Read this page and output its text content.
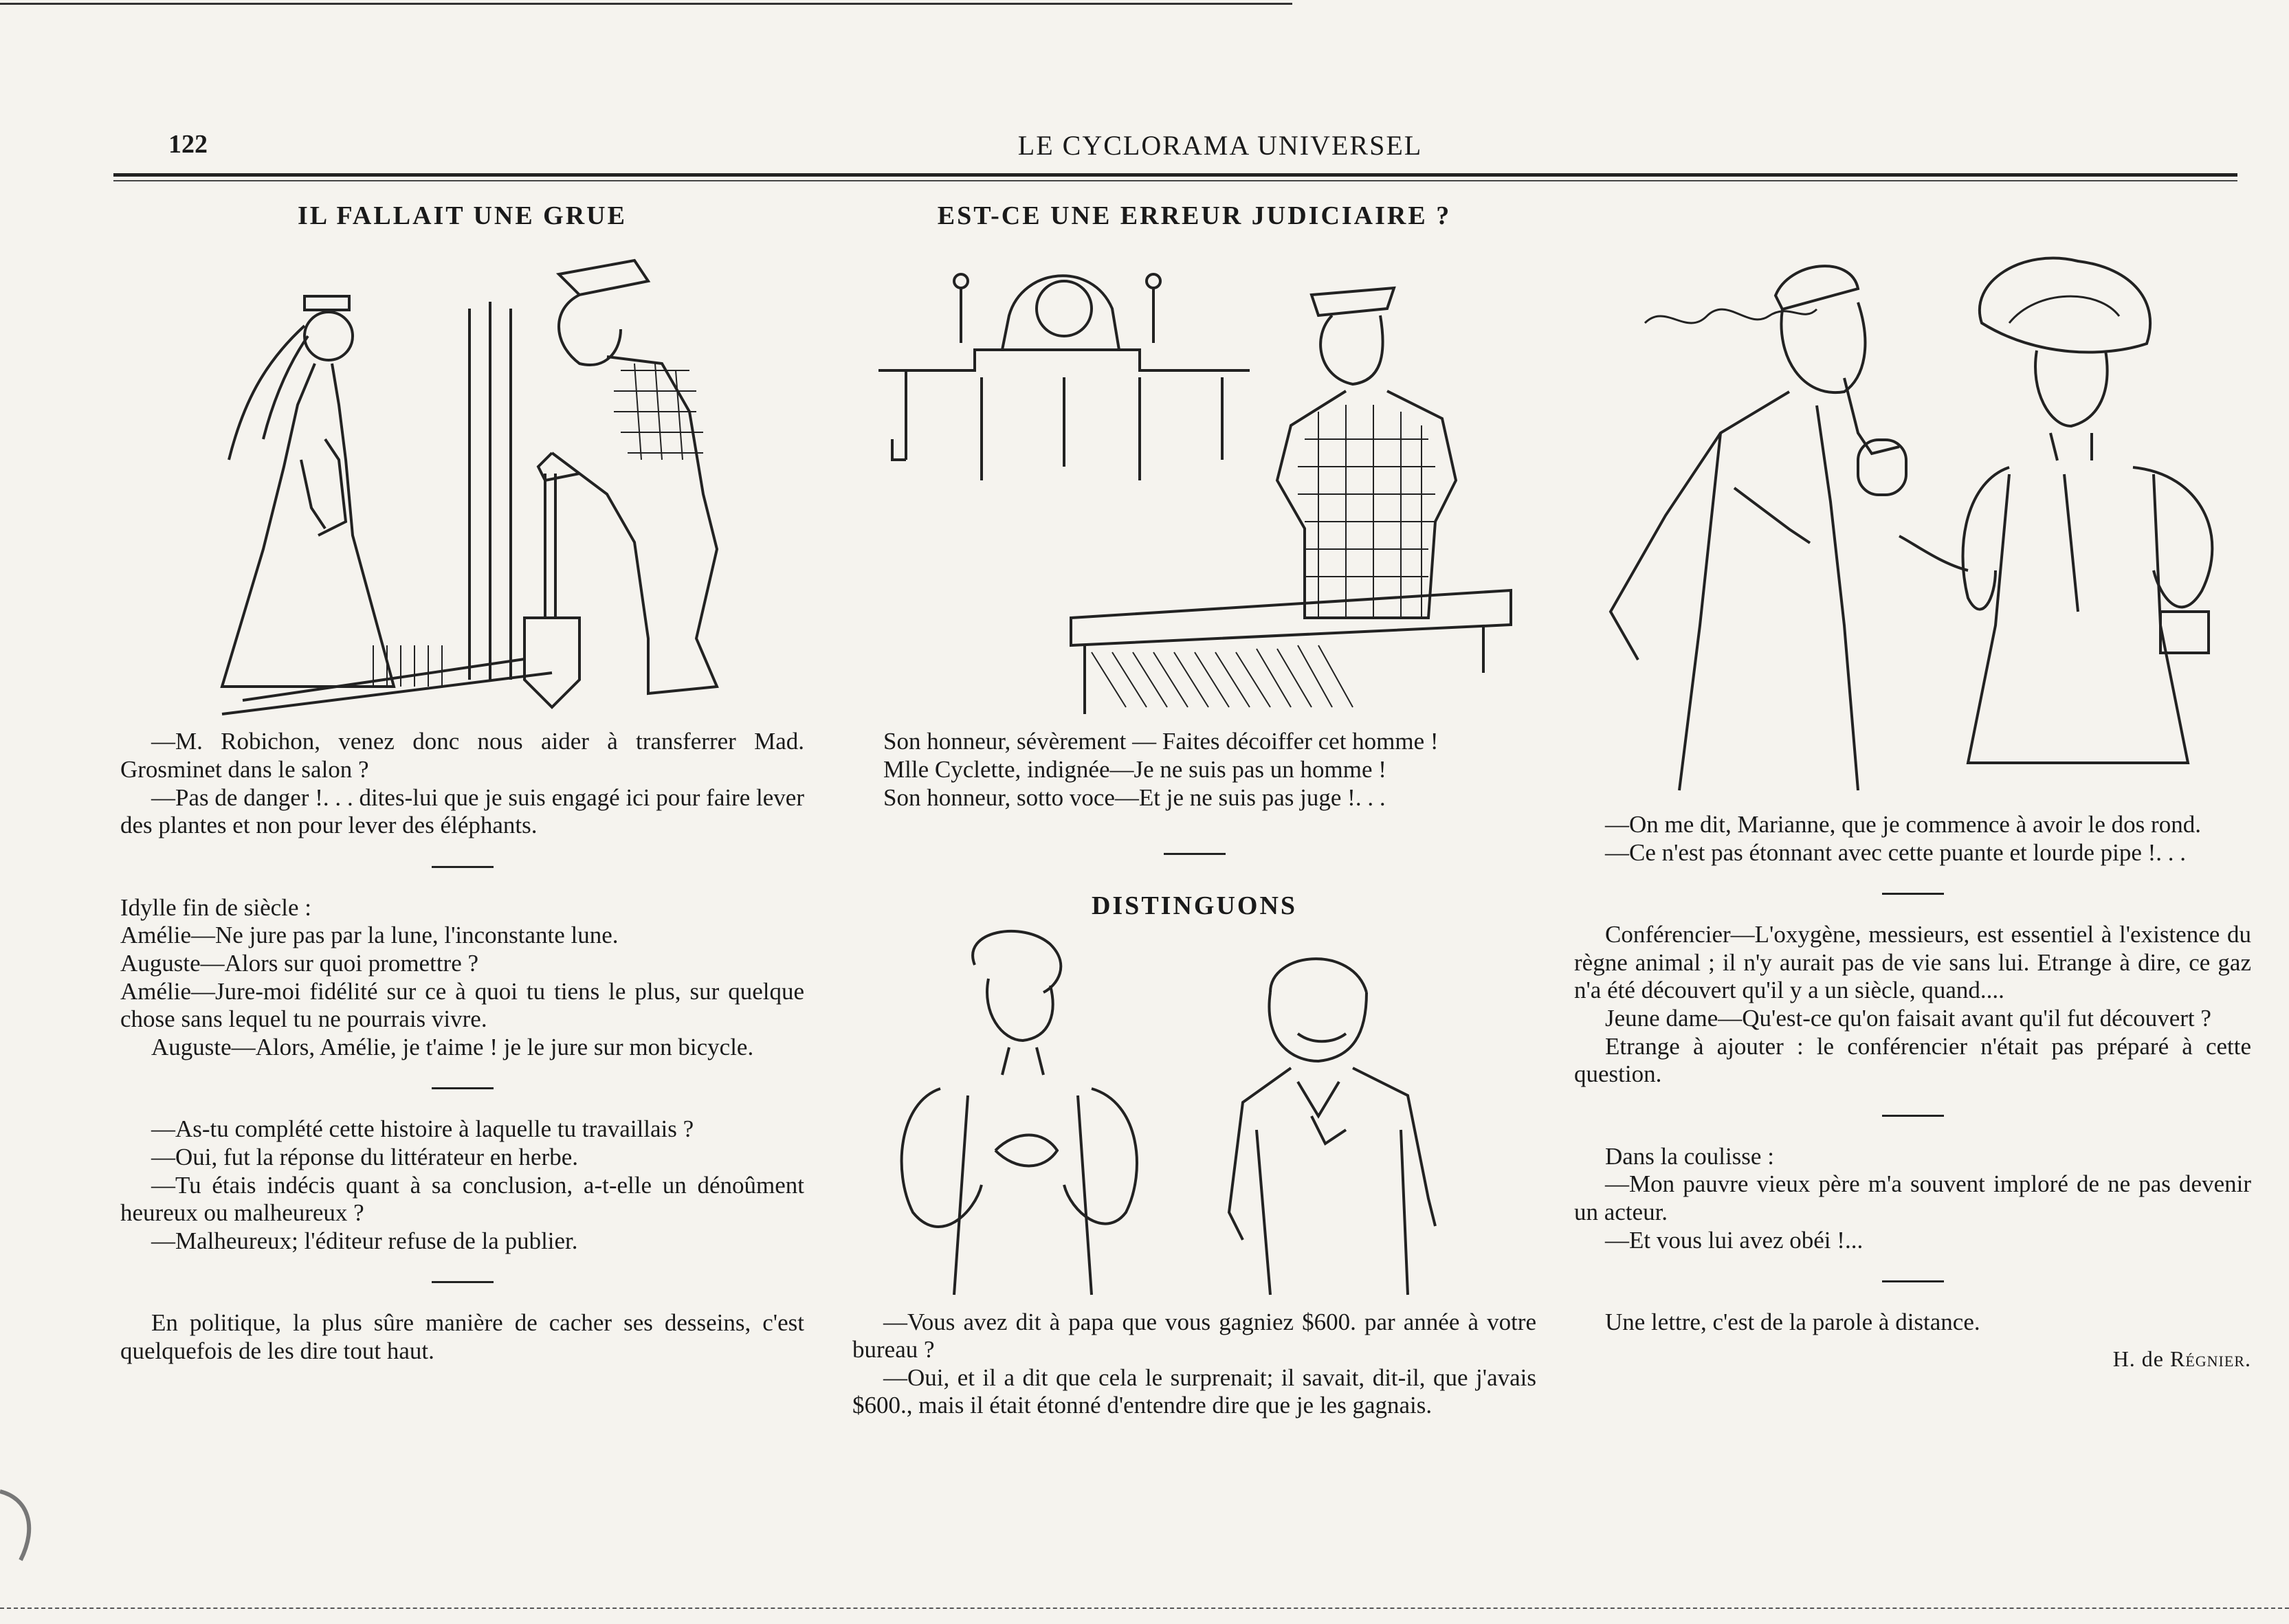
122	LE CYCLORAMA UNIVERSEL
IL FALLAIT UNE GRUE

—M. Robichon, venez donc nous aider à transferrer Mad. Grosminet dans le salon ?

—Pas de danger !. . . dites-lui que je suis engagé ici pour faire lever des plantes et non pour lever des éléphants.

Idylle fin de siècle :

Amélie—Ne jure pas par la lune, l'inconstante lune.

Auguste—Alors sur quoi promettre ?

Amélie—Jure-moi fidélité sur ce à quoi tu tiens le plus, sur quelque chose sans lequel tu ne pourrais vivre.

Auguste—Alors, Amélie, je t'aime ! je le jure sur mon bicycle.

—As-tu complété cette histoire à laquelle tu travaillais ?

—Oui, fut la réponse du littérateur en herbe.

—Tu étais indécis quant à sa conclusion, a-t-elle un dénoûment heureux ou malheureux ?

—Malheureux; l'éditeur refuse de la publier.

En politique, la plus sûre manière de cacher ses desseins, c'est quelquefois de les dire tout haut.

EST-CE UNE ERREUR JUDICIAIRE ?

Son honneur, sévèrement — Faites décoiffer cet homme !

Mlle Cyclette, indignée—Je ne suis pas un homme !

Son honneur, sotto voce—Et je ne suis pas juge !. . .

DISTINGUONS

—Vous avez dit à papa que vous gagniez $600. par année à votre bureau ?

—Oui, et il a dit que cela le surprenait; il savait, dit-il, que j'avais $600., mais il était étonné d'entendre dire que je les gagnais.

—On me dit, Marianne, que je commence à avoir le dos rond.

—Ce n'est pas étonnant avec cette puante et lourde pipe !. . .

Conférencier—L'oxygène, messieurs, est essentiel à l'existence du règne animal ; il n'y aurait pas de vie sans lui. Etrange à dire, ce gaz n'a été découvert qu'il y a un siècle, quand....

Jeune dame—Qu'est-ce qu'on faisait avant qu'il fut découvert ?

Etrange à ajouter : le conférencier n'était pas préparé à cette question.

Dans la coulisse :

—Mon pauvre vieux père m'a souvent imploré de ne pas devenir un acteur.

—Et vous lui avez obéi !...

Une lettre, c'est de la parole à distance.

H. de Régnier.
